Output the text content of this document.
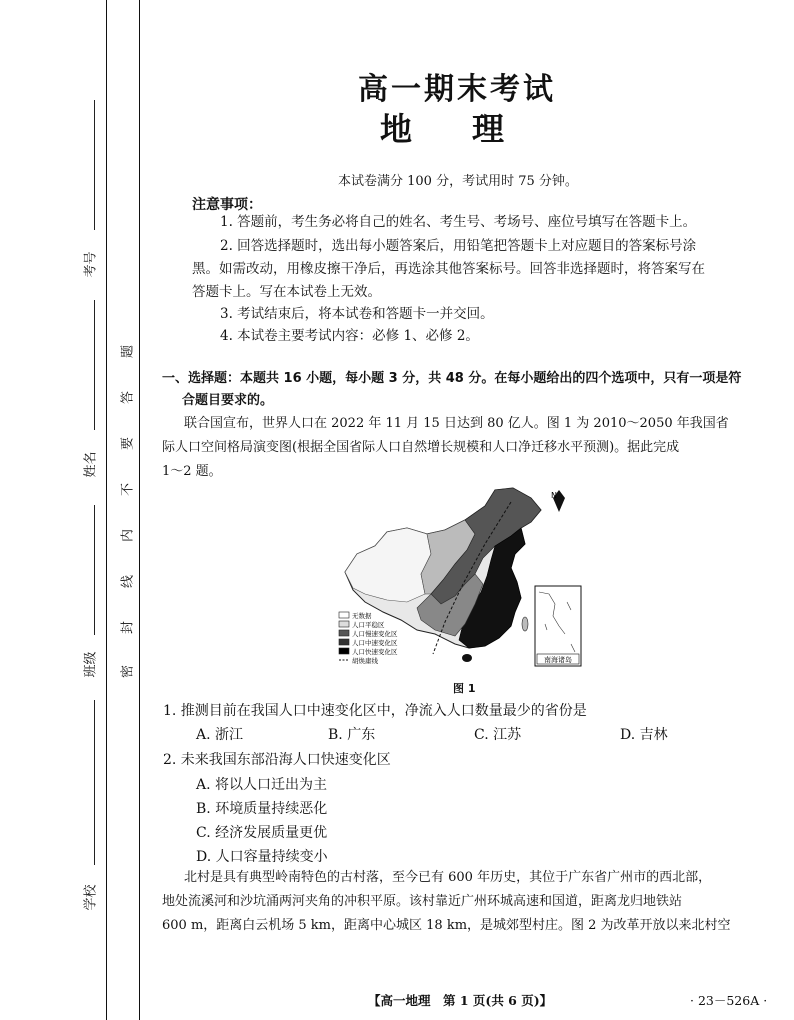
考号
姓名
班级
学校
密
封
线
内
不
要
答
题
高一期末考试
地理
本试卷满分 100 分，考试用时 75 分钟。
注意事项：
1. 答题前，考生务必将自己的姓名、考生号、考场号、座位号填写在答题卡上。
2. 回答选择题时，选出每小题答案后，用铅笔把答题卡上对应题目的答案标号涂
黑。如需改动，用橡皮擦干净后，再选涂其他答案标号。回答非选择题时，将答案写在
答题卡上。写在本试卷上无效。
3. 考试结束后，将本试卷和答题卡一并交回。
4. 本试卷主要考试内容：必修 1、必修 2。
一、选择题：本题共 16 小题，每小题 3 分，共 48 分。在每小题给出的四个选项中，只有一项是符
合题目要求的。
联合国宣布，世界人口在 2022 年 11 月 15 日达到 80 亿人。图 1 为 2010～2050 年我国省
际人口空间格局演变图(根据全国省际人口自然增长规模和人口净迁移水平预测)。据此完成
1～2 题。
N
南海诸岛
无数据
人口平稳区
人口慢速变化区
人口中速变化区
人口快速变化区
胡焕庸线
图 1
1. 推测目前在我国人口中速变化区中，净流入人口数量最少的省份是
A. 浙江	B. 广东	C. 江苏	D. 吉林
2. 未来我国东部沿海人口快速变化区
A. 将以人口迁出为主
B. 环境质量持续恶化
C. 经济发展质量更优
D. 人口容量持续变小
北村是具有典型岭南特色的古村落，至今已有 600 年历史，其位于广东省广州市的西北部，
地处流溪河和沙坑涌两河夹角的冲积平原。该村靠近广州环城高速和国道，距离龙归地铁站
600 m，距离白云机场 5 km，距离中心城区 18 km，是城郊型村庄。图 2 为改革开放以来北村空
【高一地理　第 1 页(共 6 页)】	· 23－526A ·
